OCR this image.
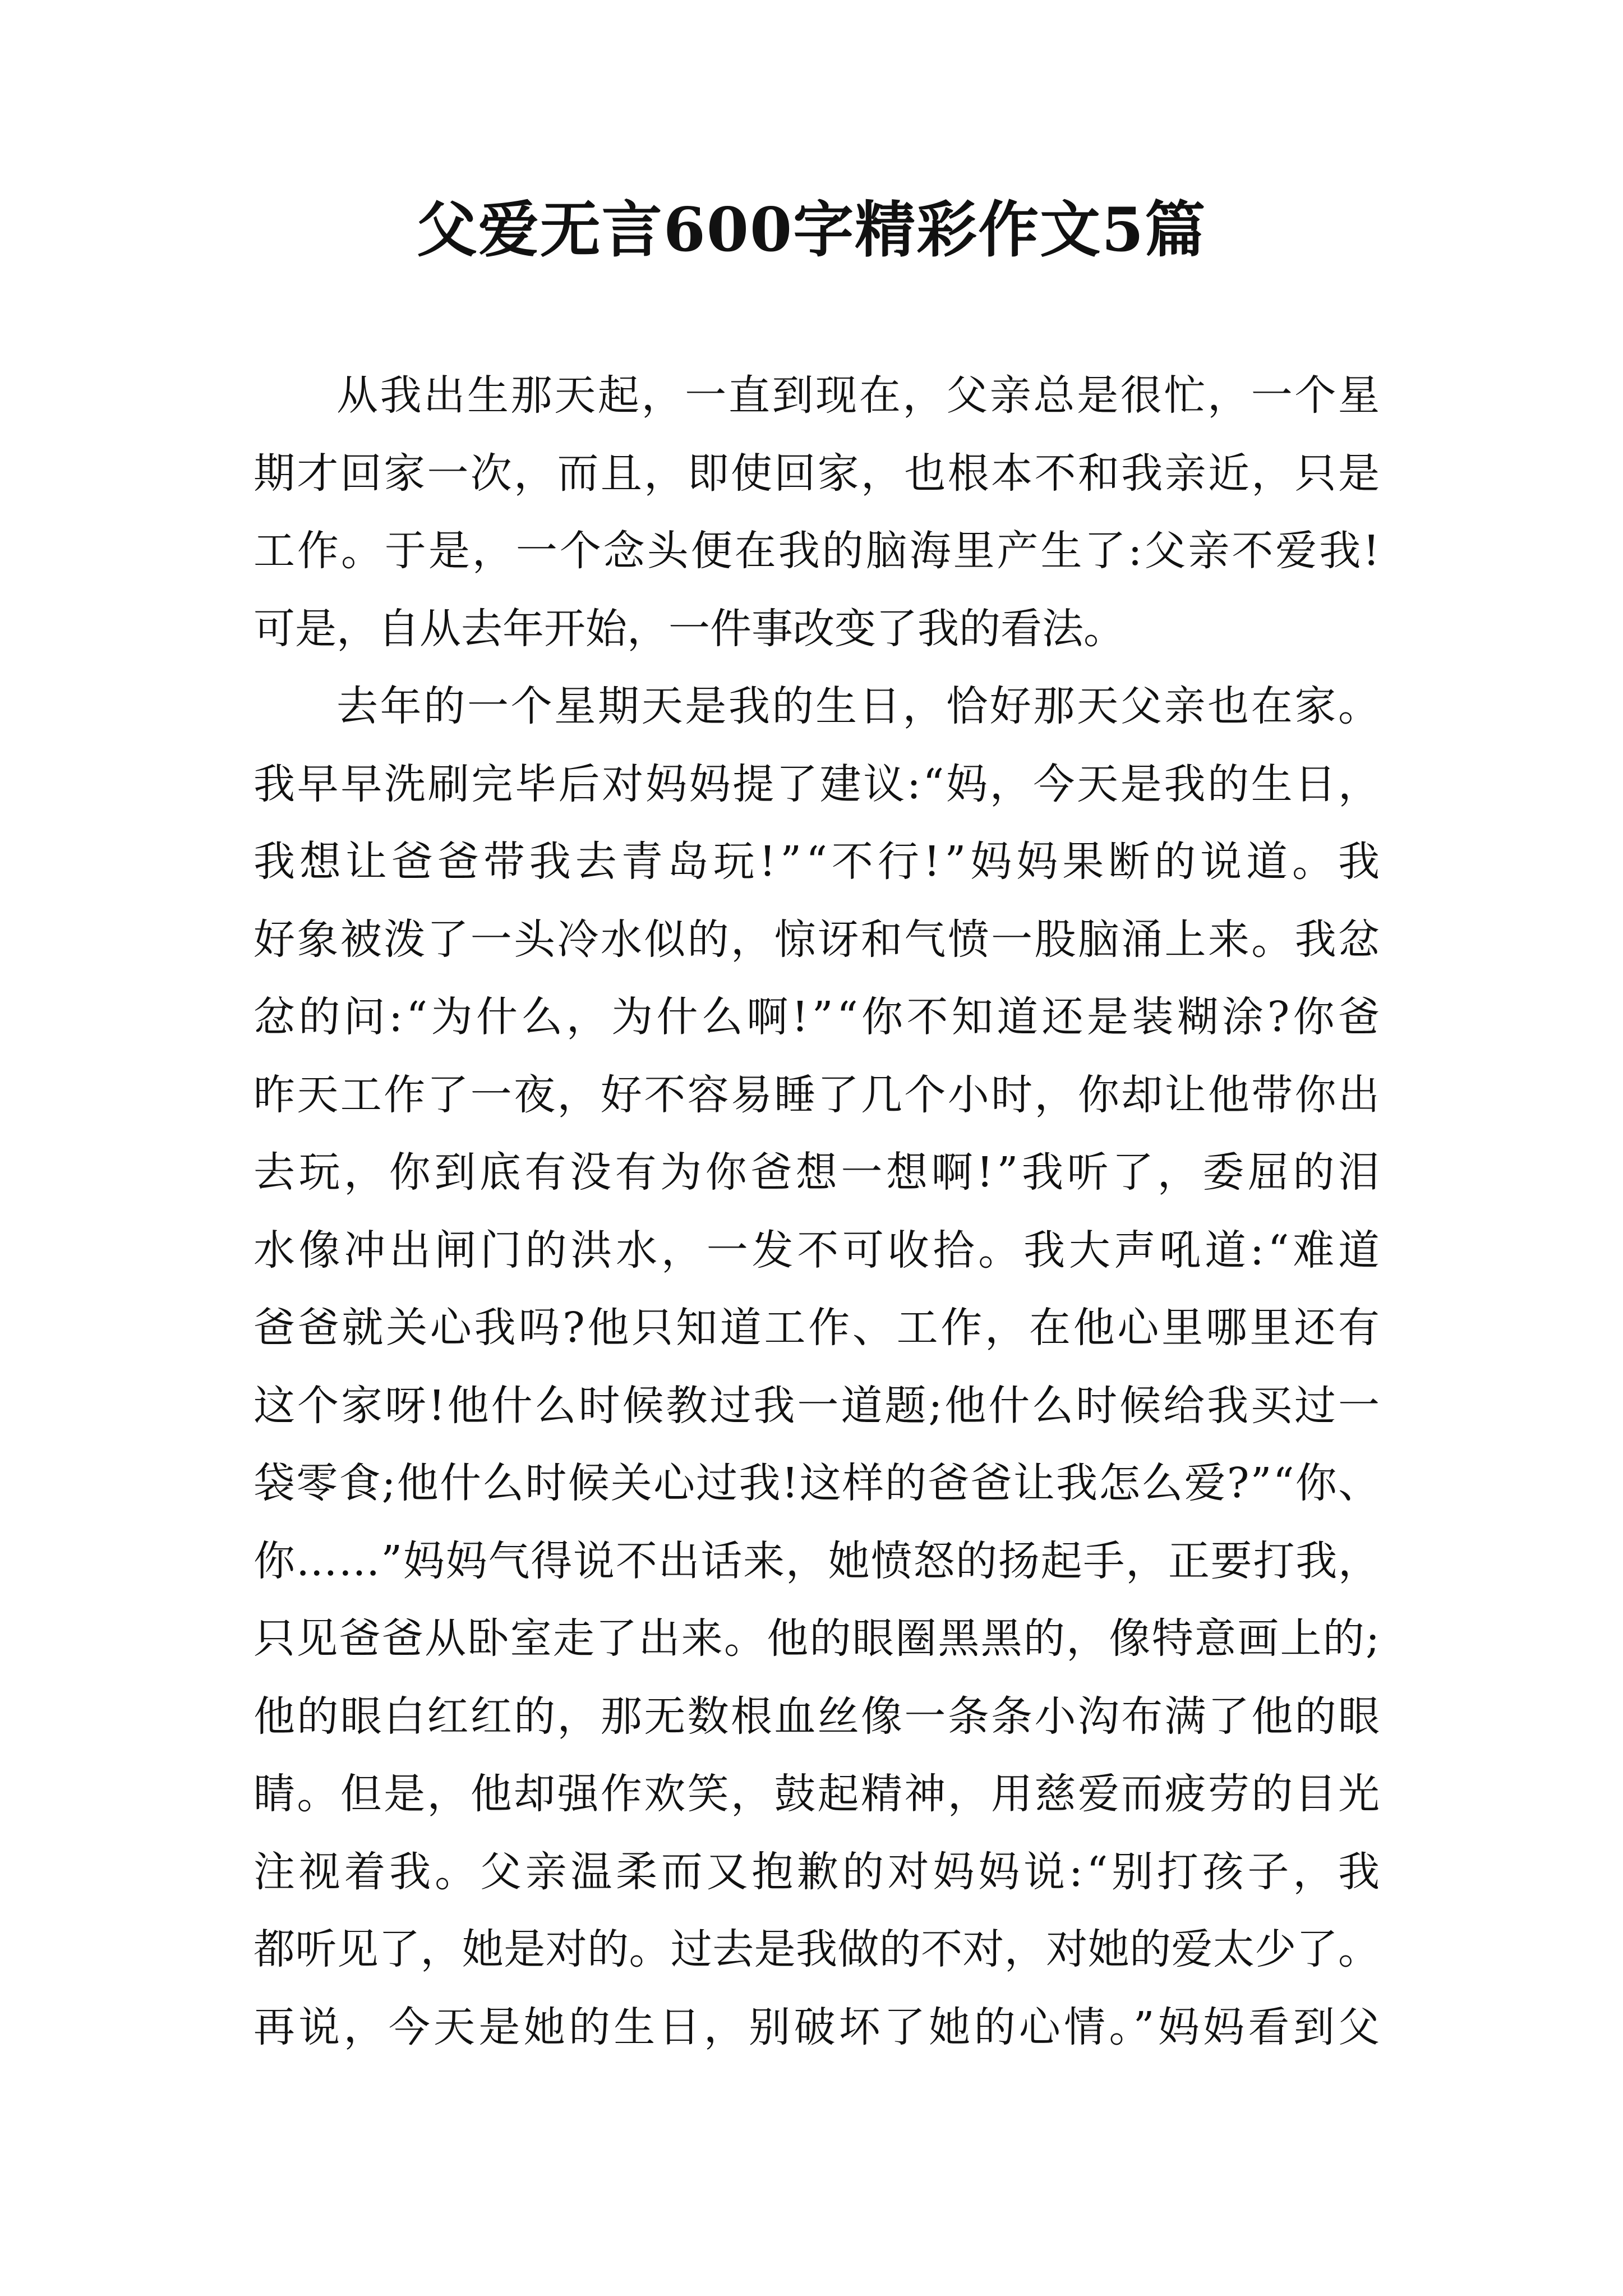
父爱无言600字精彩作文5篇
从我出生那天起，一直到现在，父亲总是很忙，一个星
期才回家一次，而且，即使回家，也根本不和我亲近，只是
工作。于是，一个念头便在我的脑海里产生了:父亲不爱我!
可是，自从去年开始，一件事改变了我的看法。
去年的一个星期天是我的生日，恰好那天父亲也在家。
我早早洗刷完毕后对妈妈提了建议:“妈，今天是我的生日，
我想让爸爸带我去青岛玩!”“不行!”妈妈果断的说道。我
好象被泼了一头冷水似的，惊讶和气愤一股脑涌上来。我忿
忿的问:“为什么，为什么啊!”“你不知道还是装糊涂?你爸
昨天工作了一夜，好不容易睡了几个小时，你却让他带你出
去玩，你到底有没有为你爸想一想啊!”我听了，委屈的泪
水像冲出闸门的洪水，一发不可收拾。我大声吼道:“难道
爸爸就关心我吗?他只知道工作、工作，在他心里哪里还有
这个家呀!他什么时候教过我一道题;他什么时候给我买过一
袋零食;他什么时候关心过我!这样的爸爸让我怎么爱?”“你、
你……”妈妈气得说不出话来，她愤怒的扬起手，正要打我，
只见爸爸从卧室走了出来。他的眼圈黑黑的，像特意画上的;
他的眼白红红的，那无数根血丝像一条条小沟布满了他的眼
睛。但是，他却强作欢笑，鼓起精神，用慈爱而疲劳的目光
注视着我。父亲温柔而又抱歉的对妈妈说:“别打孩子，我
都听见了，她是对的。过去是我做的不对，对她的爱太少了。
再说，今天是她的生日，别破坏了她的心情。”妈妈看到父
